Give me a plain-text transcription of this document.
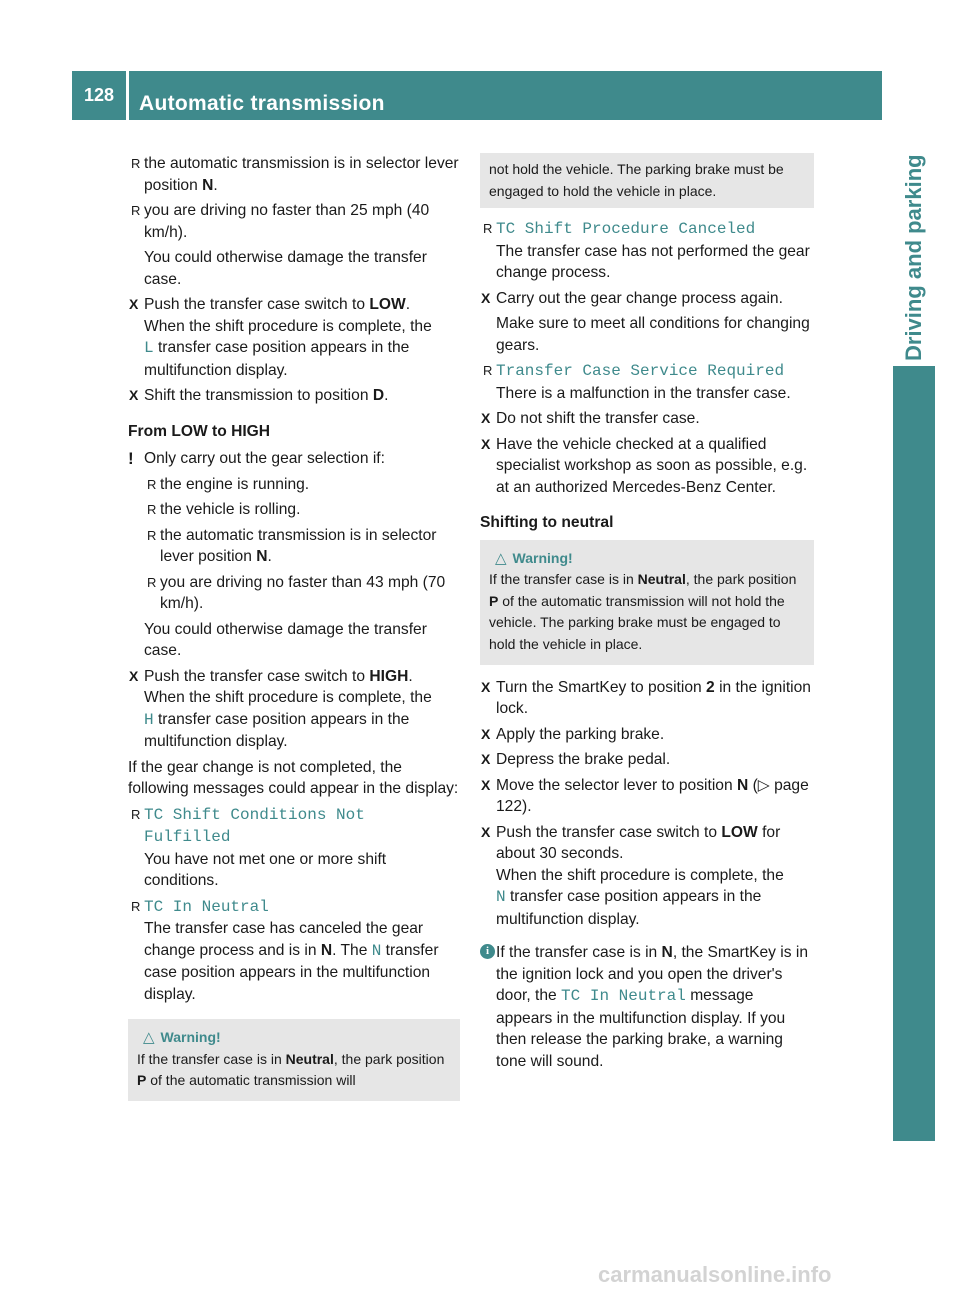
128	Automatic transmission
Driving and parking
R the automatic transmission is in selector lever position N.
R you are driving no faster than 25 mph (40 km/h).

You could otherwise damage the transfer case.

X Push the transfer case switch to LOW.
When the shift procedure is complete, the
L transfer case position appears in the multifunction display.
X Shift the transmission to position D.

From LOW to HIGH

! Only carry out the gear selection if:
R the engine is running.
R the vehicle is rolling.
R the automatic transmission is in selector lever position N.
R you are driving no faster than 43 mph (70 km/h).

You could otherwise damage the transfer case.

X Push the transfer case switch to HIGH.
When the shift procedure is complete, the
H transfer case position appears in the multifunction display.

If the gear change is not completed, the following messages could appear in the display:

R TC Shift Conditions Not Fulfilled
You have not met one or more shift conditions.
R TC In Neutral
The transfer case has canceled the gear change process and is in N. The N transfer case position appears in the multifunction display.
△ Warning!
If the transfer case is in Neutral, the park position P of the automatic transmission will
not hold the vehicle. The parking brake must be engaged to hold the vehicle in place.
R TC Shift Procedure Canceled
The transfer case has not performed the gear change process.
X Carry out the gear change process again.

Make sure to meet all conditions for changing gears.

R Transfer Case Service Required
There is a malfunction in the transfer case.
X Do not shift the transfer case.
X Have the vehicle checked at a qualified specialist workshop as soon as possible, e.g. at an authorized Mercedes-Benz Center.

Shifting to neutral

△ Warning!
If the transfer case is in Neutral, the park position P of the automatic transmission will not hold the vehicle. The parking brake must be engaged to hold the vehicle in place.
X Turn the SmartKey to position 2 in the ignition lock.
X Apply the parking brake.
X Depress the brake pedal.
X Move the selector lever to position N (▷ page 122).
X Push the transfer case switch to LOW for about 30 seconds.
When the shift procedure is complete, the
N transfer case position appears in the multifunction display.
i If the transfer case is in N, the SmartKey is in the ignition lock and you open the driver's door, the TC In Neutral message appears in the multifunction display. If you then release the parking brake, a warning tone will sound.
carmanualsonline.info
